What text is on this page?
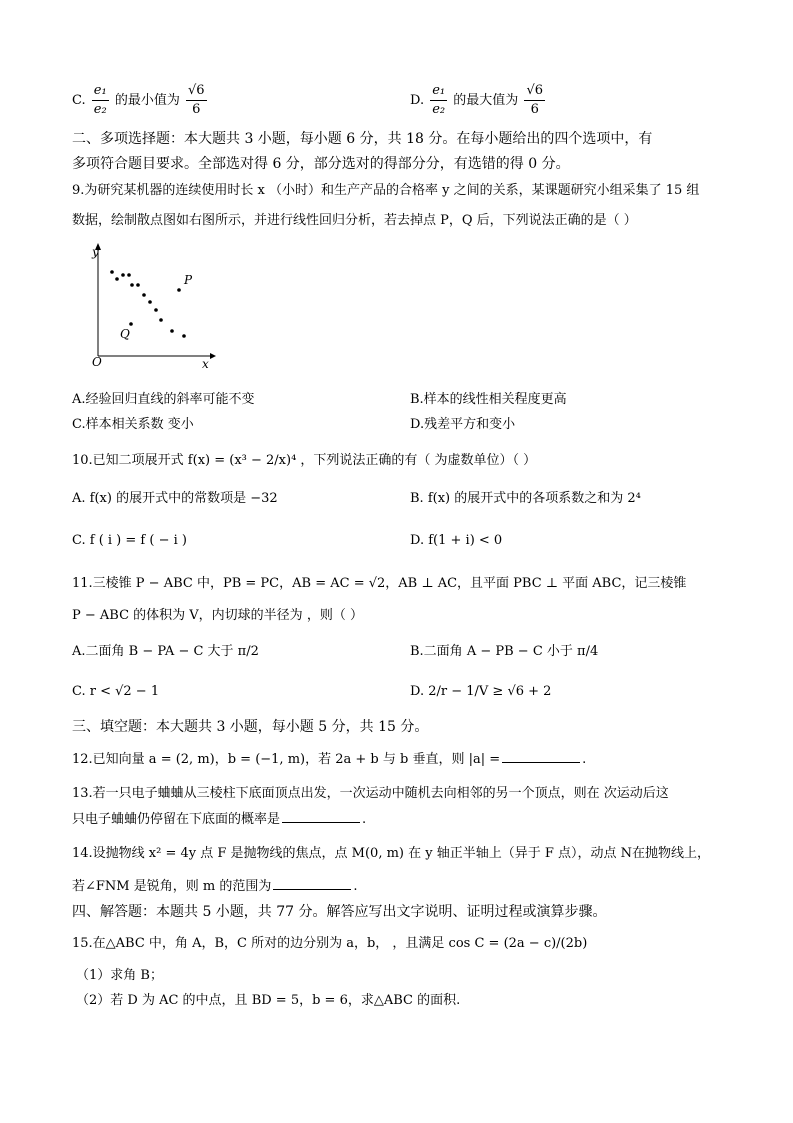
C. $\frac{\text{e₁}}{\text{e₂}}$ 的最小值为 $\frac{√6}{6}$	D. $\frac{\text{e₁}}{\text{e₂}}$ 的最大值为 $\frac{√6}{6}$
二、多项选择题：本大题共 3 小题，每小题 6 分，共 18 分。在每小题给出的四个选项中，有
多项符合题目要求。全部选对得 6 分，部分选对的得部分分，有选错的得 0 分。
9.为研究某机器的连续使用时长 x （小时）和生产产品的合格率 y 之间的关系，某课题研究小组采集了 15 组
数据，绘制散点图如右图所示，并进行线性回归分析，若去掉点 P，Q 后，下列说法正确的是（ ）
y
x
O
P
Q
A.经验回归直线的斜率可能不变	B.样本的线性相关程度更高
C.样本相关系数 变小	D.残差平方和变小
10.已知二项展开式 f(x) = (x³ − 2/x)⁴ ，下列说法正确的有（ 为虚数单位）（ ）
A. f(x) 的展开式中的常数项是 −32	B. f(x) 的展开式中的各项系数之和为 2⁴
C. f ( i ) = f ( − i )	D. f(1 + i) < 0
11.三棱锥 P − ABC 中，PB = PC，AB = AC = √2，AB ⊥ AC，且平面 PBC ⊥ 平面 ABC，记三棱锥
P − ABC 的体积为 V，内切球的半径为 ，则（ ）
A.二面角 B − PA − C 大于 π/2	B.二面角 A − PB − C 小于 π/4
C. r < √2 − 1	D. 2/r − 1/V ≥ √6 + 2
三、填空题：本大题共 3 小题，每小题 5 分，共 15 分。
12.已知向量 a = (2, m)，b = (−1, m)，若 2a + b 与 b 垂直，则 |a| =	.
13.若一只电子蛐蛐从三棱柱下底面顶点出发，一次运动中随机去向相邻的另一个顶点，则在 次运动后这
只电子蛐蛐仍停留在下底面的概率是	.
14.设抛物线 x² = 4y 点 F 是抛物线的焦点，点 M(0, m) 在 y 轴正半轴上（异于 F 点），动点 N在抛物线上，
若∠FNM 是锐角，则 m 的范围为	.
四、解答题：本题共 5 小题，共 77 分。解答应写出文字说明、证明过程或演算步骤。
15.在△ABC 中，角 A，B，C 所对的边分别为 a，b， ，且满足 cos C = (2a − c)/(2b)
（1）求角 B；
（2）若 D 为 AC 的中点，且 BD = 5，b = 6，求△ABC 的面积.
